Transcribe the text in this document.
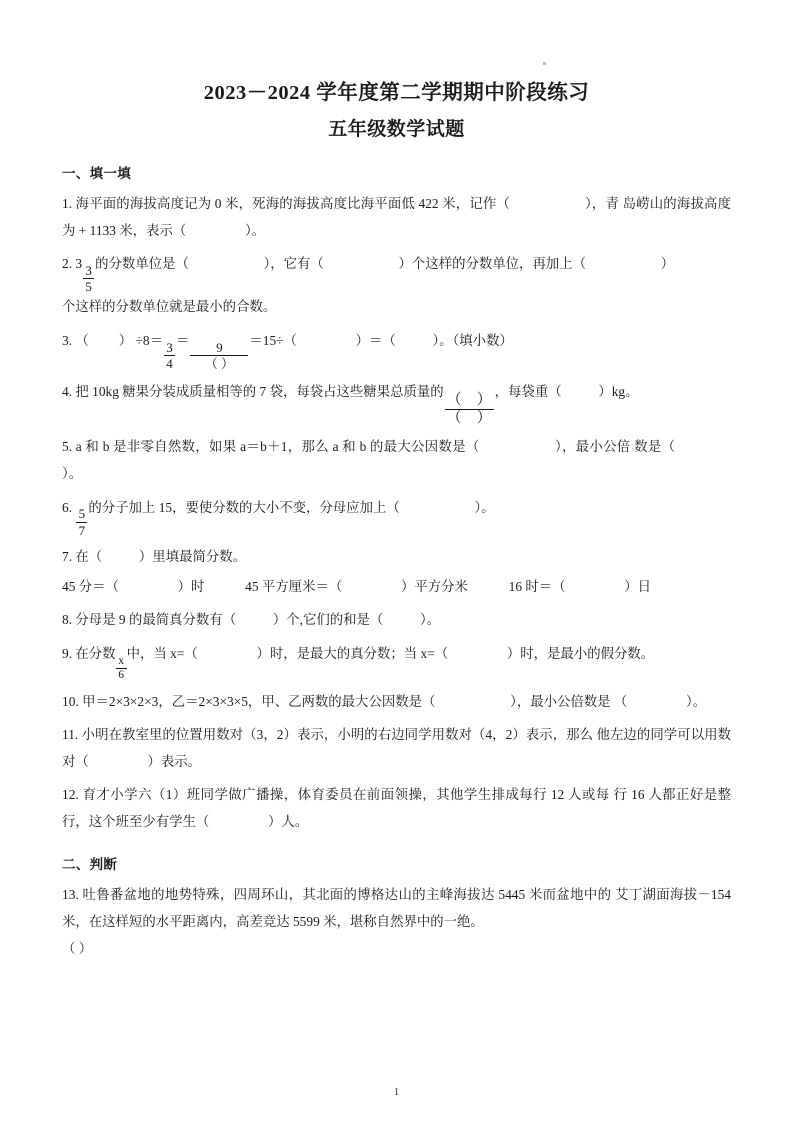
2023－2024 学年度第二学期期中阶段练习
五年级数学试题
一、填一填

1. 海平面的海拔高度记为 0 米，死海的海拔高度比海平面低 422 米，记作（	），青 岛崂山的海拔高度为 + 1133 米，表示（	）。

2. 3
$\frac{3}{5}$
的分数单位是（	），它有（	）个这样的分数单位，再加上（	）
个这样的分数单位就是最小的合数。

3. （ ） ÷8＝
$\frac{3}{4}$
＝
$\frac{9}{( )}$
＝15÷（	）＝（	）。（填小数）

4. 把 10kg 糖果分装成质量相等的 7 袋，每袋占这些糖果总质量的
$\frac{( )}{( )}$
，每袋重（	）kg。

5. a 和 b 是非零自然数，如果 a＝b＋1，那么 a 和 b 的最大公因数是（	），最小公倍 数是（  ）。

6.
$\frac{5}{7}$
的分子加上 15，要使分数的大小不变，分母应加上（	）。

7. 在（	）里填最简分数。

45 分＝（	）时	45 平方厘米＝（	）平方分米	16 时＝（	）日

8. 分母是 9 的最简真分数有（	）个,它们的和是（	）。

9. 在分数
$\frac{x}{6}$
中，当 x=（	）时，是最大的真分数；当 x=（	）时，是最小的假分数。

10. 甲＝2×3×2×3，乙＝2×3×3×5，甲、乙两数的最大公因数是（	），最小公倍数是 （	）。

11. 小明在教室里的位置用数对（3，2）表示，小明的右边同学用数对（4，2）表示，那么 他左边的同学可以用数对（	）表示。

12. 育才小学六（1）班同学做广播操，体育委员在前面领操，其他学生排成每行 12 人或每 行 16 人都正好是整行，这个班至少有学生（	）人。

二、判断

13. 吐鲁番盆地的地势特殊，四周环山，其北面的博格达山的主峰海拔达 5445 米而盆地中的 艾丁湖面海拔－154 米，在这样短的水平距离内，高差竞达 5599 米，堪称自然界中的一绝。
（ ）

1
